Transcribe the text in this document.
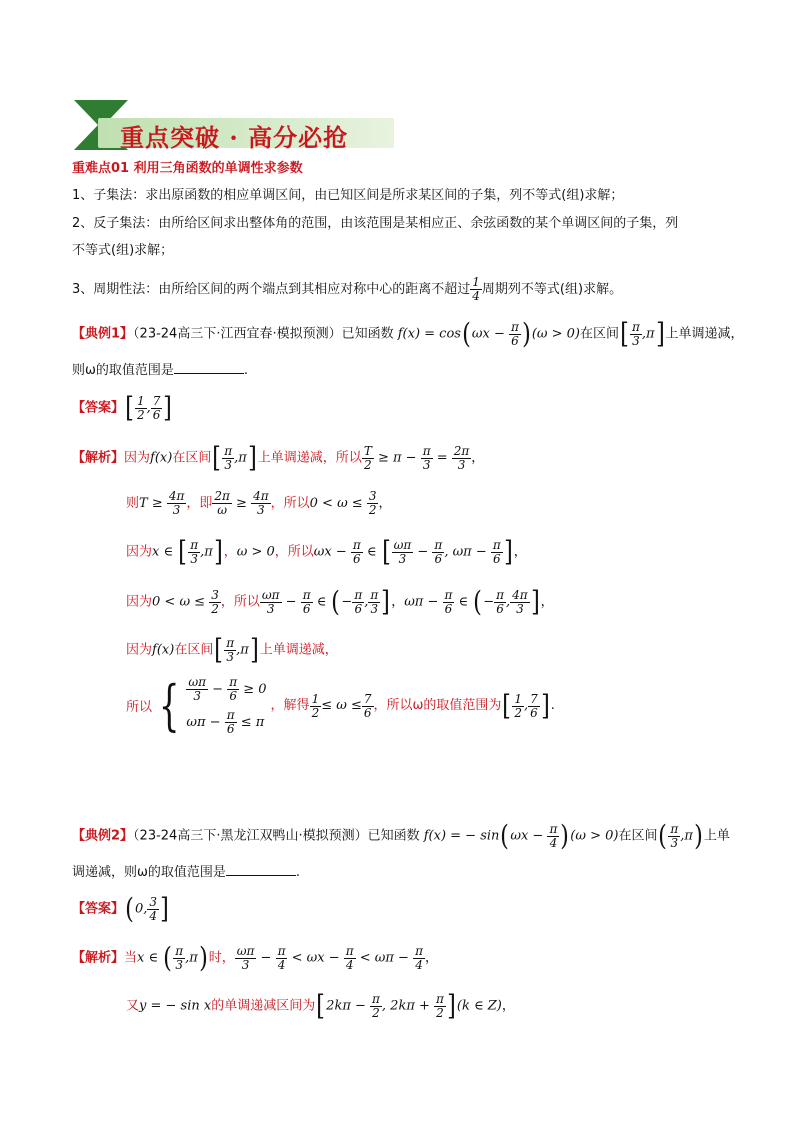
重点突破 · 高分必抢
重难点01 利用三角函数的单调性求参数
1、子集法：求出原函数的相应单调区间，由已知区间是所求某区间的子集，列不等式(组)求解；
2、反子集法：由所给区间求出整体角的范围，由该范围是某相应正、余弦函数的某个单调区间的子集，列
不等式(组)求解；
3、周期性法：由所给区间的两个端点到其相应对称中心的距离不超过 $\frac{1}{4}$ 周期列不等式(组)求解。
【典例1】（23-24高三下·江西宜春·模拟预测）已知函数 $f(x) = \cos(\omega x - \frac{\pi}{6} )(\omega > 0)$在区间[ $\frac{\pi}{3} ,\pi$]上单调递减，
则ω的取值范围是	.
【答案】[ $\frac{1}{2}$ , $\frac{7}{6}$ ]
【解析】因为f(x)在区间[ $\frac{\pi}{3} ,\pi$]上单调递减，所以 $\frac{T}{2} \ge \pi - \frac{\pi}{3} = \frac{2\pi}{3}$ ，
则$T \ge \frac{4\pi}{3}$ ，即 $\frac{2\pi}{\omega} \ge \frac{4\pi}{3}$ ，所以$0 < \omega \le \frac{3}{2}$ ，
因为x ∈ [ $\frac{\pi}{3} ,\pi$]，ω > 0，所以$\omega x - \frac{\pi}{6}$ ∈ [ $\frac{\omega\pi}{3} - \frac{\pi}{6}$ , $\omega\pi - \frac{\pi}{6}$ ]，
因为$0 < \omega \le \frac{3}{2}$ ，所以 $\frac{\omega\pi}{3} - \frac{\pi}{6}$ ∈ (− $\frac{\pi}{6}$ , $\frac{\pi}{3}$ ]，$\omega\pi - \frac{\pi}{6}$ ∈ (− $\frac{\pi}{6}$ , $\frac{4\pi}{3}$ ]，
因为f(x)在区间[ $\frac{\pi}{3} ,\pi$]上单调递减，
所以 { $\frac{\omega\pi}{3} - \frac{\pi}{6} \ge 0$
$\omega\pi - \frac{\pi}{6} \le \pi$
，解得 $\frac{1}{2} \le \omega \le \frac{7}{6}$ ，所以ω的取值范围为 [ $\frac{1}{2}$ , $\frac{7}{6}$ ] .
【典例2】（23-24高三下·黑龙江双鸭山·模拟预测）已知函数 f(x) = − $\sin(\omega x - \frac{\pi}{4} )(\omega > 0)$在区间( $\frac{\pi}{3} ,\pi$)上单
调递减，则ω的取值范围是	.
【答案】(0, $\frac{3}{4}$ ]
【解析】当x ∈ ( $\frac{\pi}{3} ,\pi$)时， $\frac{\omega\pi}{3} - \frac{\pi}{4} < \omega x - \frac{\pi}{4} < \omega\pi - \frac{\pi}{4}$ ，
又y = − sin x的单调递减区间为[$2k\pi - \frac{\pi}{2}$ , $2k\pi + \frac{\pi}{2} ](k$ ∈ Z)，
